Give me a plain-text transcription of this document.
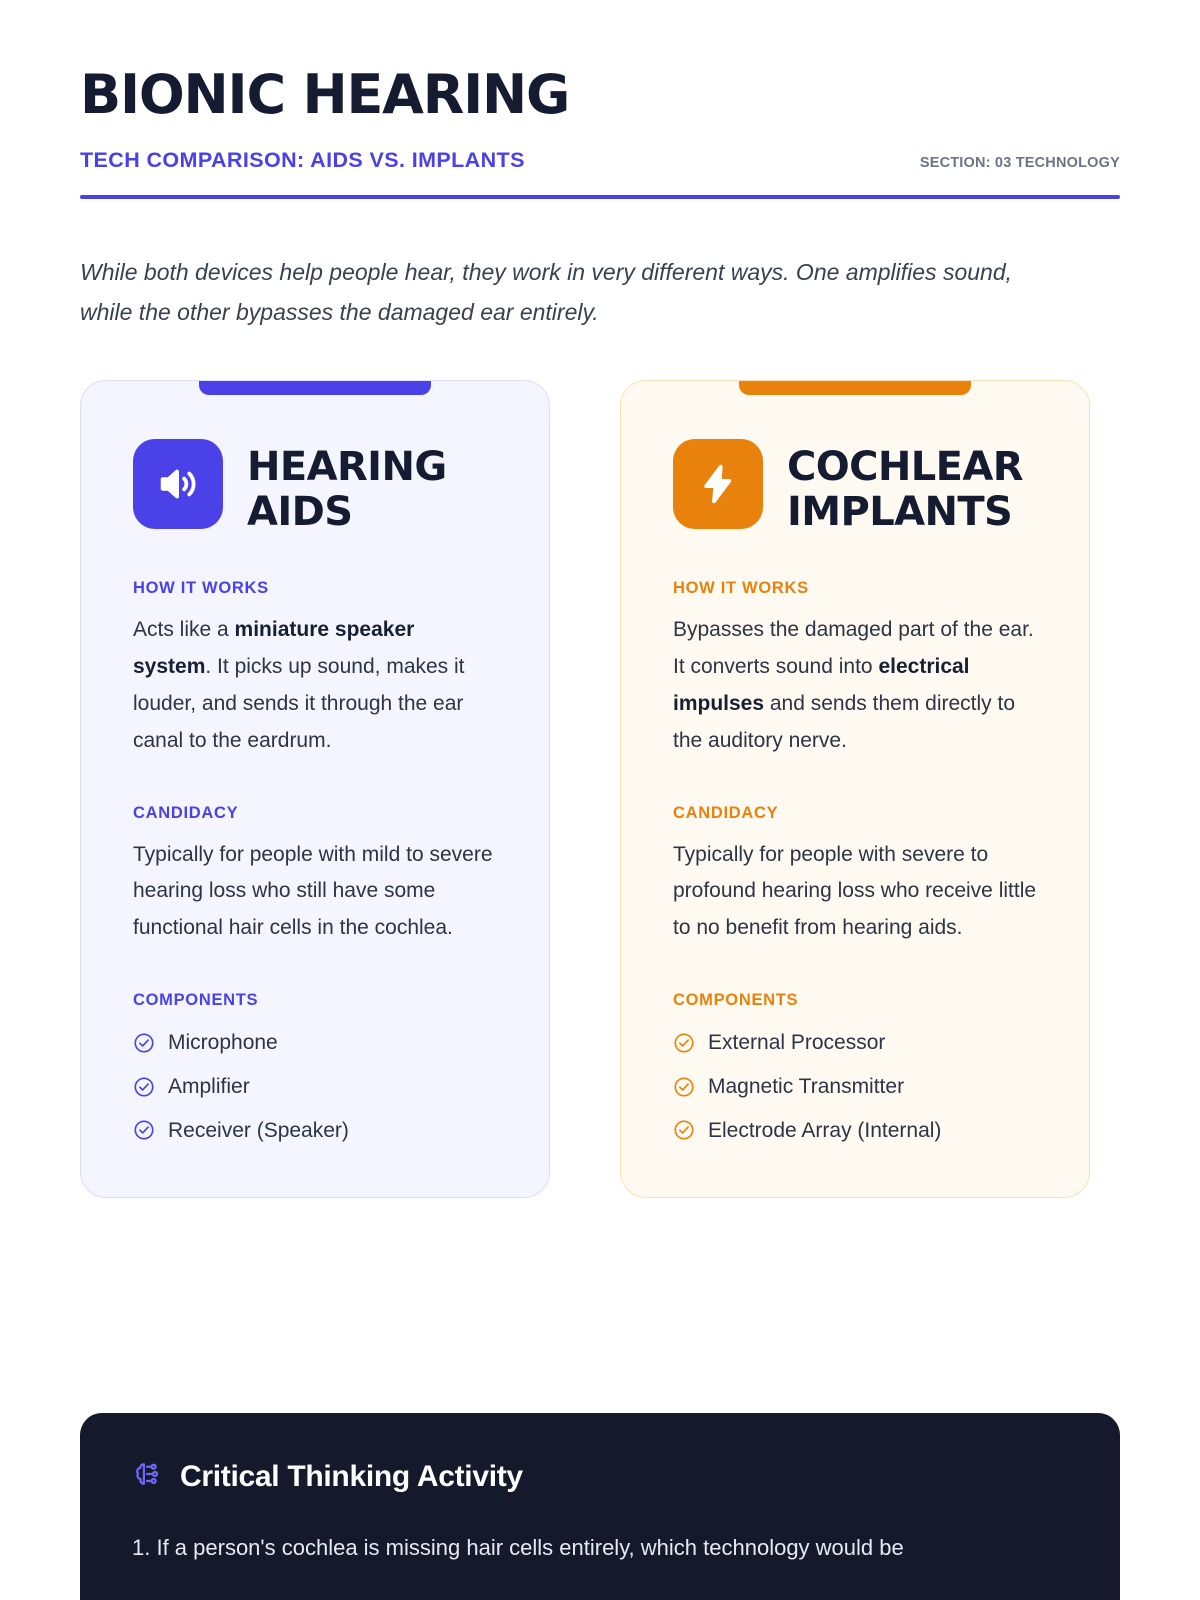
BIONIC HEARING
TECH COMPARISON: AIDS VS. IMPLANTS	SECTION: 03 TECHNOLOGY
While both devices help people hear, they work in very different ways. One amplifies sound, while the other bypasses the damaged ear entirely.
HEARING AIDS
HOW IT WORKS
Acts like a miniature speaker system. It picks up sound, makes it louder, and sends it through the ear canal to the eardrum.
CANDIDACY
Typically for people with mild to severe hearing loss who still have some functional hair cells in the cochlea.
COMPONENTS
Microphone
Amplifier
Receiver (Speaker)
COCHLEAR IMPLANTS
HOW IT WORKS
Bypasses the damaged part of the ear. It converts sound into electrical impulses and sends them directly to the auditory nerve.
CANDIDACY
Typically for people with severe to profound hearing loss who receive little to no benefit from hearing aids.
COMPONENTS
External Processor
Magnetic Transmitter
Electrode Array (Internal)
Critical Thinking Activity
1. If a person's cochlea is missing hair cells entirely, which technology would be
